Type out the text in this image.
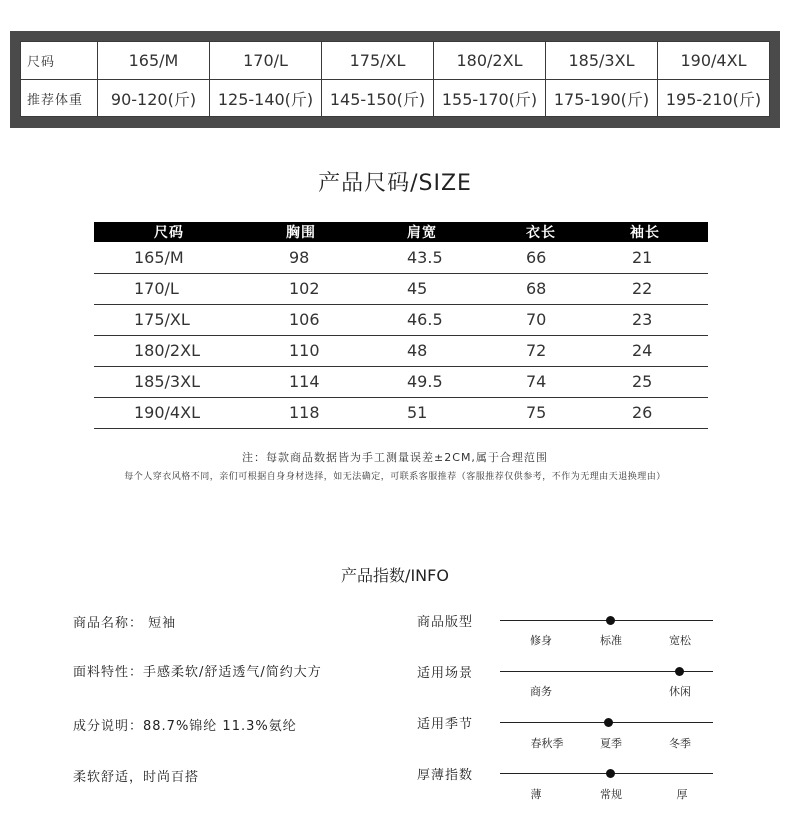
尺码	165/M	170/L	175/XL	180/2XL	185/3XL	190/4XL
推荐体重	90-120(斤)	125-140(斤)	145-150(斤)	155-170(斤)	175-190(斤)	195-210(斤)
产品尺码/SIZE
尺码	胸围	肩宽	衣长	袖长
165/M	98	43.5	66	21
170/L	102	45	68	22
175/XL	106	46.5	70	23
180/2XL	110	48	72	24
185/3XL	114	49.5	74	25
190/4XL	118	51	75	26
注：每款商品数据皆为手工测量误差±2CM,属于合理范围
每个人穿衣风格不同，亲们可根据自身身材选择，如无法确定，可联系客服推荐（客服推荐仅供参考，不作为无理由天退换理由）
产品指数/INFO
商品名称： 短袖
面料特性：手感柔软/舒适透气/简约大方
成分说明：88.7%锦纶 11.3%氨纶
柔软舒适，时尚百搭
商品版型
修身	标准	宽松
适用场景
商务	休闲
适用季节
春秋季	夏季	冬季
厚薄指数
薄	常规	厚
